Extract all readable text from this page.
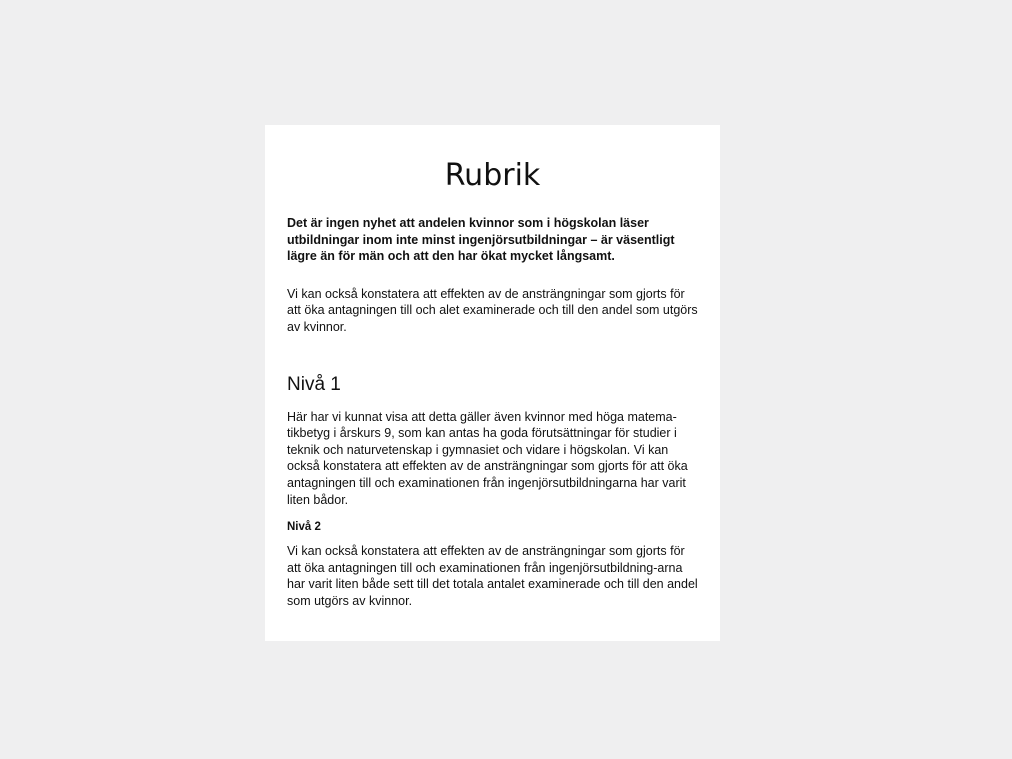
Rubrik

Det är ingen nyhet att andelen kvinnor som i högskolan läser utbildningar inom inte minst ingenjörsutbildningar – är väsentligt lägre än för män och att den har ökat mycket långsamt.

Vi kan också konstatera att effekten av de ansträngningar som gjorts för att öka antagningen till och alet examinerade och till den andel som utgörs av kvinnor.

Nivå 1

Här har vi kunnat visa att detta gäller även kvinnor med höga matema-tikbetyg i årskurs 9, som kan antas ha goda förutsättningar för studier i teknik och naturvetenskap i gymnasiet och vidare i högskolan. Vi kan också konstatera att effekten av de ansträngningar som gjorts för att öka antagningen till och examinationen från ingenjörsutbildningarna har varit liten bådor.

Nivå 2

Vi kan också konstatera att effekten av de ansträngningar som gjorts för att öka antagningen till och examinationen från ingenjörsutbildning-arna har varit liten både sett till det totala antalet examinerade och till den andel som utgörs av kvinnor.
